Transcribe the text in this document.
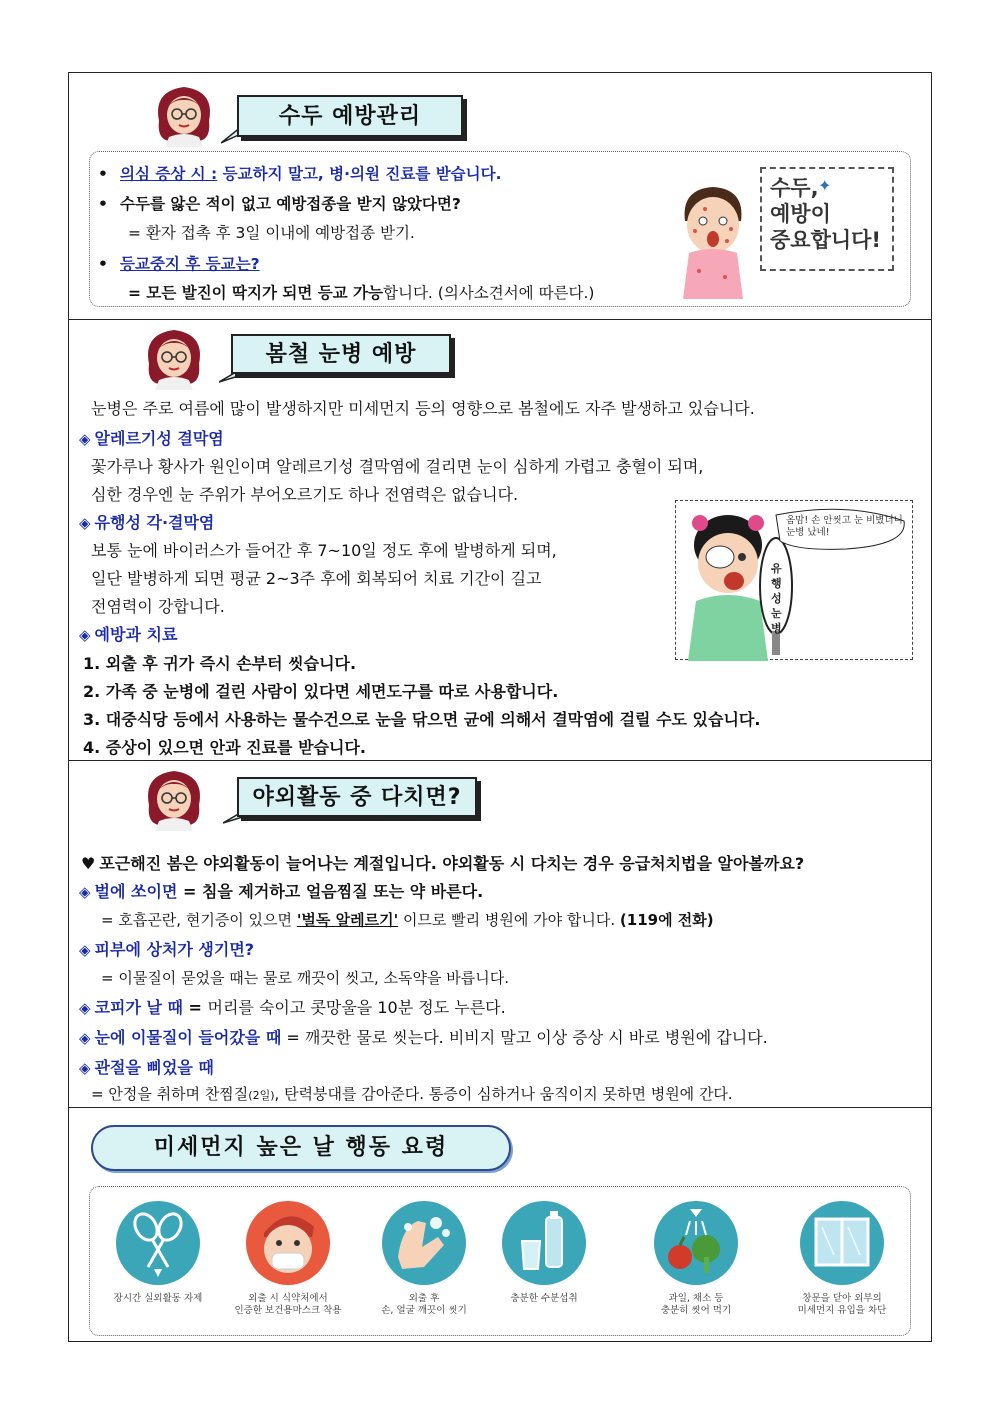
수두 예방관리
• 의심 증상 시 : 등교하지 말고, 병·의원 진료를 받습니다.
• 수두를 앓은 적이 없고 예방접종을 받지 않았다면?
= 환자 접촉 후 3일 이내에 예방접종 받기.
• 등교중지 후 등교는?
= 모든 발진이 딱지가 되면 등교 가능합니다. (의사소견서에 따른다.)
✦
수두,
예방이
중요합니다!
봄철 눈병 예방
눈병은 주로 여름에 많이 발생하지만 미세먼지 등의 영향으로 봄철에도 자주 발생하고 있습니다.
◈ 알레르기성 결막염
꽃가루나 황사가 원인이며 알레르기성 결막염에 걸리면 눈이 심하게 가렵고 충혈이 되며,
심한 경우엔 눈 주위가 부어오르기도 하나 전염력은 없습니다.
◈ 유행성 각·결막염
보통 눈에 바이러스가 들어간 후 7~10일 정도 후에 발병하게 되며,
일단 발병하게 되면 평균 2~3주 후에 회복되어 치료 기간이 길고
전염력이 강합니다.
◈ 예방과 치료
1. 외출 후 귀가 즉시 손부터 씻습니다.
2. 가족 중 눈병에 걸린 사람이 있다면 세면도구를 따로 사용합니다.
3. 대중식당 등에서 사용하는 물수건으로 눈을 닦으면 균에 의해서 결막염에 걸릴 수도 있습니다.
4. 증상이 있으면 안과 진료를 받습니다.
옴맘! 손 안씻고 눈 비볐더니
눈병 났네!
유행성눈병
야외활동 중 다치면?
♥ 포근해진 봄은 야외활동이 늘어나는 계절입니다. 야외활동 시 다치는 경우 응급처치법을 알아볼까요?
◈ 벌에 쏘이면 = 침을 제거하고 얼음찜질 또는 약 바른다.
= 호흡곤란, 현기증이 있으면 '벌독 알레르기' 이므로 빨리 병원에 가야 합니다. (119에 전화)
◈ 피부에 상처가 생기면?
= 이물질이 묻었을 때는 물로 깨끗이 씻고, 소독약을 바릅니다.
◈ 코피가 날 때 = 머리를 숙이고 콧망울을 10분 정도 누른다.
◈ 눈에 이물질이 들어갔을 때 = 깨끗한 물로 씻는다. 비비지 말고 이상 증상 시 바로 병원에 갑니다.
◈ 관절을 삐었을 때
= 안정을 취하며 찬찜질(2일), 탄력붕대를 감아준다. 통증이 심하거나 움직이지 못하면 병원에 간다.
미세먼지 높은 날 행동 요령
장시간 실외활동 자제	외출 시 식약처에서
인증한 보건용마스크 착용
외출 후
손, 얼굴 깨끗이 씻기
충분한 수분섭취	과일, 채소 등
충분히 씻어 먹기
창문을 닫아 외부의
미세먼지 유입을 차단
